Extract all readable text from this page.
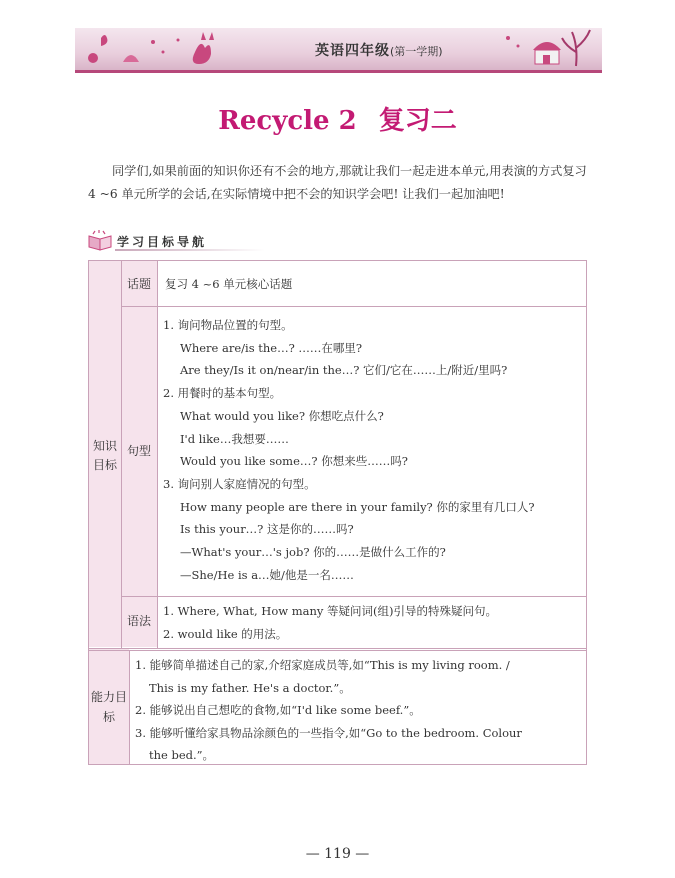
英语四年级(第一学期)
Recycle 2 复习二

同学们,如果前面的知识你还有不会的地方,那就让我们一起走进本单元,用表演的方式复习 4 ~6 单元所学的会话,在实际情境中把不会的知识学会吧! 让我们一起加油吧!

学习目标导航
知识目标
话题
句型
语法
能力目标
复习 4 ~6 单元核心话题
1. 询问物品位置的句型。
Where are/is the…? ……在哪里?
Are they/Is it on/near/in the…? 它们/它在……上/附近/里吗?
2. 用餐时的基本句型。
What would you like? 你想吃点什么?
I'd like…我想要……
Would you like some…? 你想来些……吗?
3. 询问别人家庭情况的句型。
How many people are there in your family? 你的家里有几口人?
Is this your…? 这是你的……吗?
—What's your…'s job? 你的……是做什么工作的?
—She/He is a…她/他是一名……
1. Where, What, How many 等疑问词(组)引导的特殊疑问句。
2. would like 的用法。
1. 能够简单描述自己的家,介绍家庭成员等,如“This is my living room. /
This is my father. He's a doctor.”。
2. 能够说出自己想吃的食物,如“I'd like some beef.”。
3. 能够听懂给家具物品涂颜色的一些指令,如“Go to the bedroom. Colour
the bed.”。
— 119 —
